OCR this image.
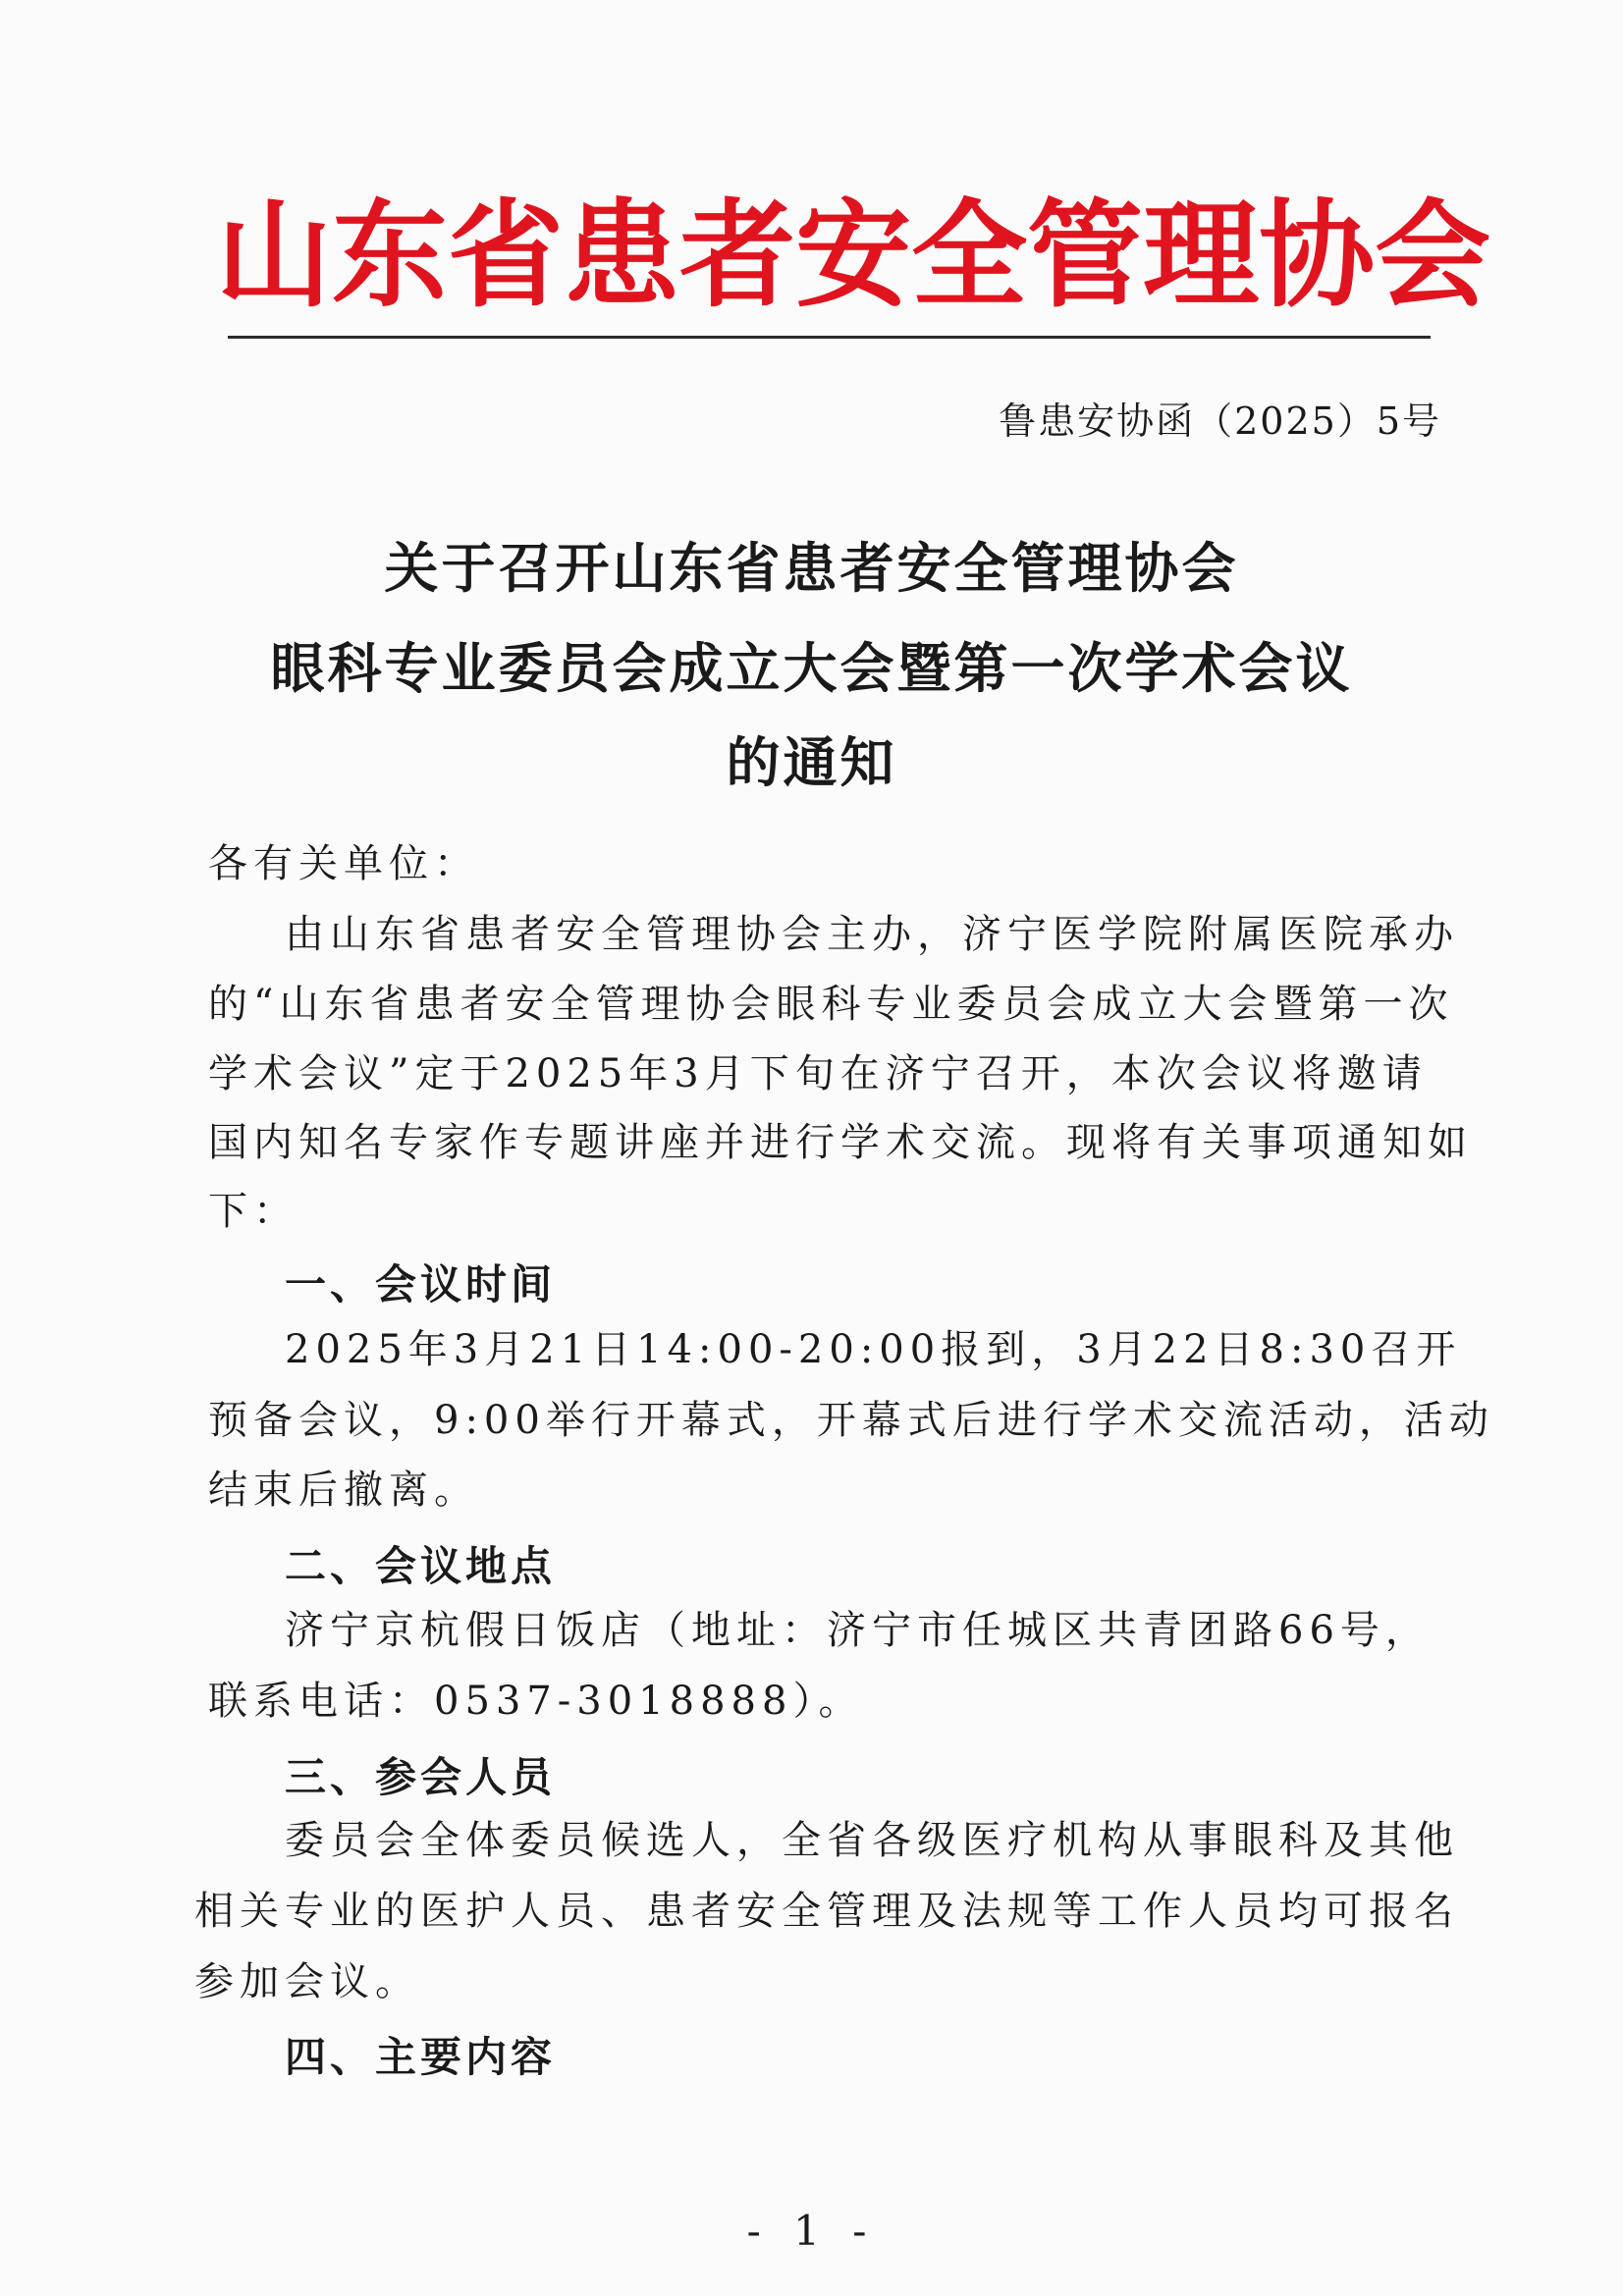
山 东 省 患 者 安 全 管 理 协 会
鲁患安协函（2025）5号
关于召开山东省患者安全管理协会
眼科专业委员会成立大会暨第一次学术会议
的通知
各有关单位：
由山东省患者安全管理协会主办，济宁医学院附属医院承办
的“山东省患者安全管理协会眼科专业委员会成立大会暨第一次
学术会议”定于2025年3月下旬在济宁召开，本次会议将邀请
国内知名专家作专题讲座并进行学术交流。现将有关事项通知如
下：
一、会议时间
2025年3月21日14:00-20:00报到，3月22日8:30召开
预备会议，9:00举行开幕式，开幕式后进行学术交流活动，活动
结束后撤离。
二、会议地点
济宁京杭假日饭店（地址：济宁市任城区共青团路66号，
联系电话：0537-3018888）。
三、参会人员
委员会全体委员候选人，全省各级医疗机构从事眼科及其他
相关专业的医护人员、患者安全管理及法规等工作人员均可报名
参加会议。
四、主要内容
- 1 -
